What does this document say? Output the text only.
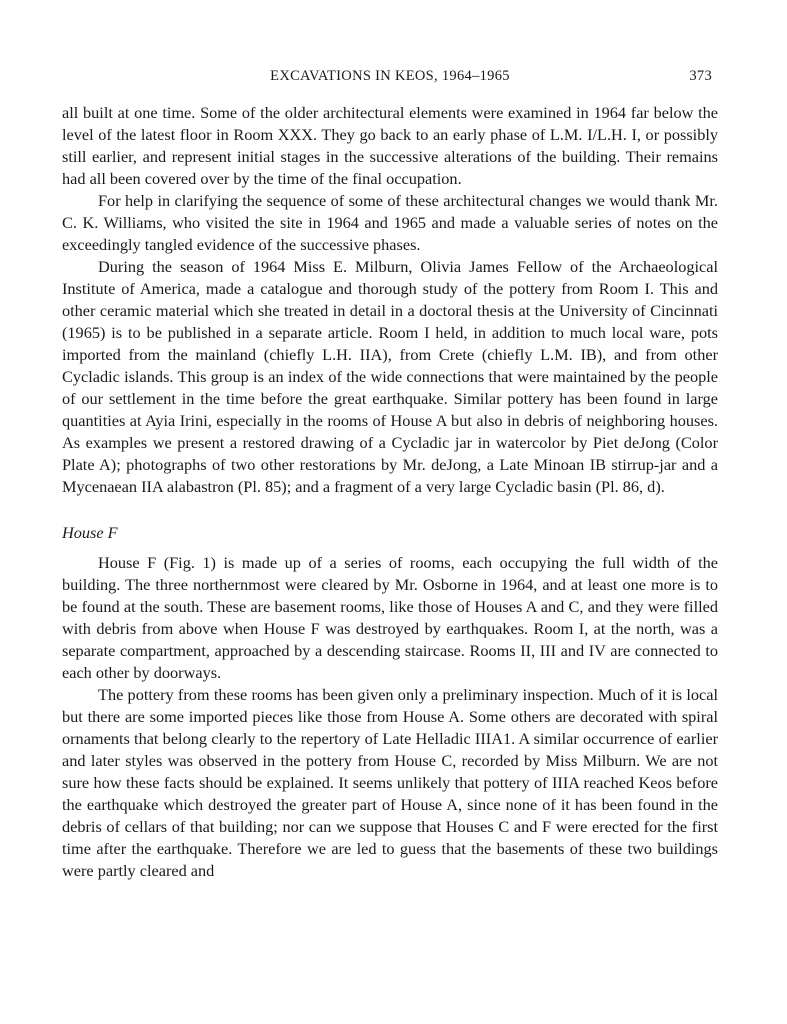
EXCAVATIONS IN KEOS, 1964–1965	373

all built at one time. Some of the older architectural elements were examined in 1964 far below the level of the latest floor in Room XXX. They go back to an early phase of L.M. I/L.H. I, or possibly still earlier, and represent initial stages in the successive alterations of the building. Their remains had all been covered over by the time of the final occupation.

For help in clarifying the sequence of some of these architectural changes we would thank Mr. C. K. Williams, who visited the site in 1964 and 1965 and made a valuable series of notes on the exceedingly tangled evidence of the successive phases.

During the season of 1964 Miss E. Milburn, Olivia James Fellow of the Archaeological Institute of America, made a catalogue and thorough study of the pottery from Room I. This and other ceramic material which she treated in detail in a doctoral thesis at the University of Cincinnati (1965) is to be published in a separate article. Room I held, in addition to much local ware, pots imported from the mainland (chiefly L.H. IIA), from Crete (chiefly L.M. IB), and from other Cycladic islands. This group is an index of the wide connections that were maintained by the people of our settlement in the time before the great earthquake. Similar pottery has been found in large quantities at Ayia Irini, especially in the rooms of House A but also in debris of neighboring houses. As examples we present a restored drawing of a Cycladic jar in watercolor by Piet deJong (Color Plate A); photographs of two other restorations by Mr. deJong, a Late Minoan IB stirrup-jar and a Mycenaean IIA alabastron (Pl. 85); and a fragment of a very large Cycladic basin (Pl. 86, d).

House F

House F (Fig. 1) is made up of a series of rooms, each occupying the full width of the building. The three northernmost were cleared by Mr. Osborne in 1964, and at least one more is to be found at the south. These are basement rooms, like those of Houses A and C, and they were filled with debris from above when House F was destroyed by earthquakes. Room I, at the north, was a separate compartment, approached by a descending staircase. Rooms II, III and IV are connected to each other by doorways.

The pottery from these rooms has been given only a preliminary inspection. Much of it is local but there are some imported pieces like those from House A. Some others are decorated with spiral ornaments that belong clearly to the repertory of Late Helladic IIIA1. A similar occurrence of earlier and later styles was observed in the pottery from House C, recorded by Miss Milburn. We are not sure how these facts should be explained. It seems unlikely that pottery of IIIA reached Keos before the earthquake which destroyed the greater part of House A, since none of it has been found in the debris of cellars of that building; nor can we suppose that Houses C and F were erected for the first time after the earthquake. Therefore we are led to guess that the basements of these two buildings were partly cleared and
